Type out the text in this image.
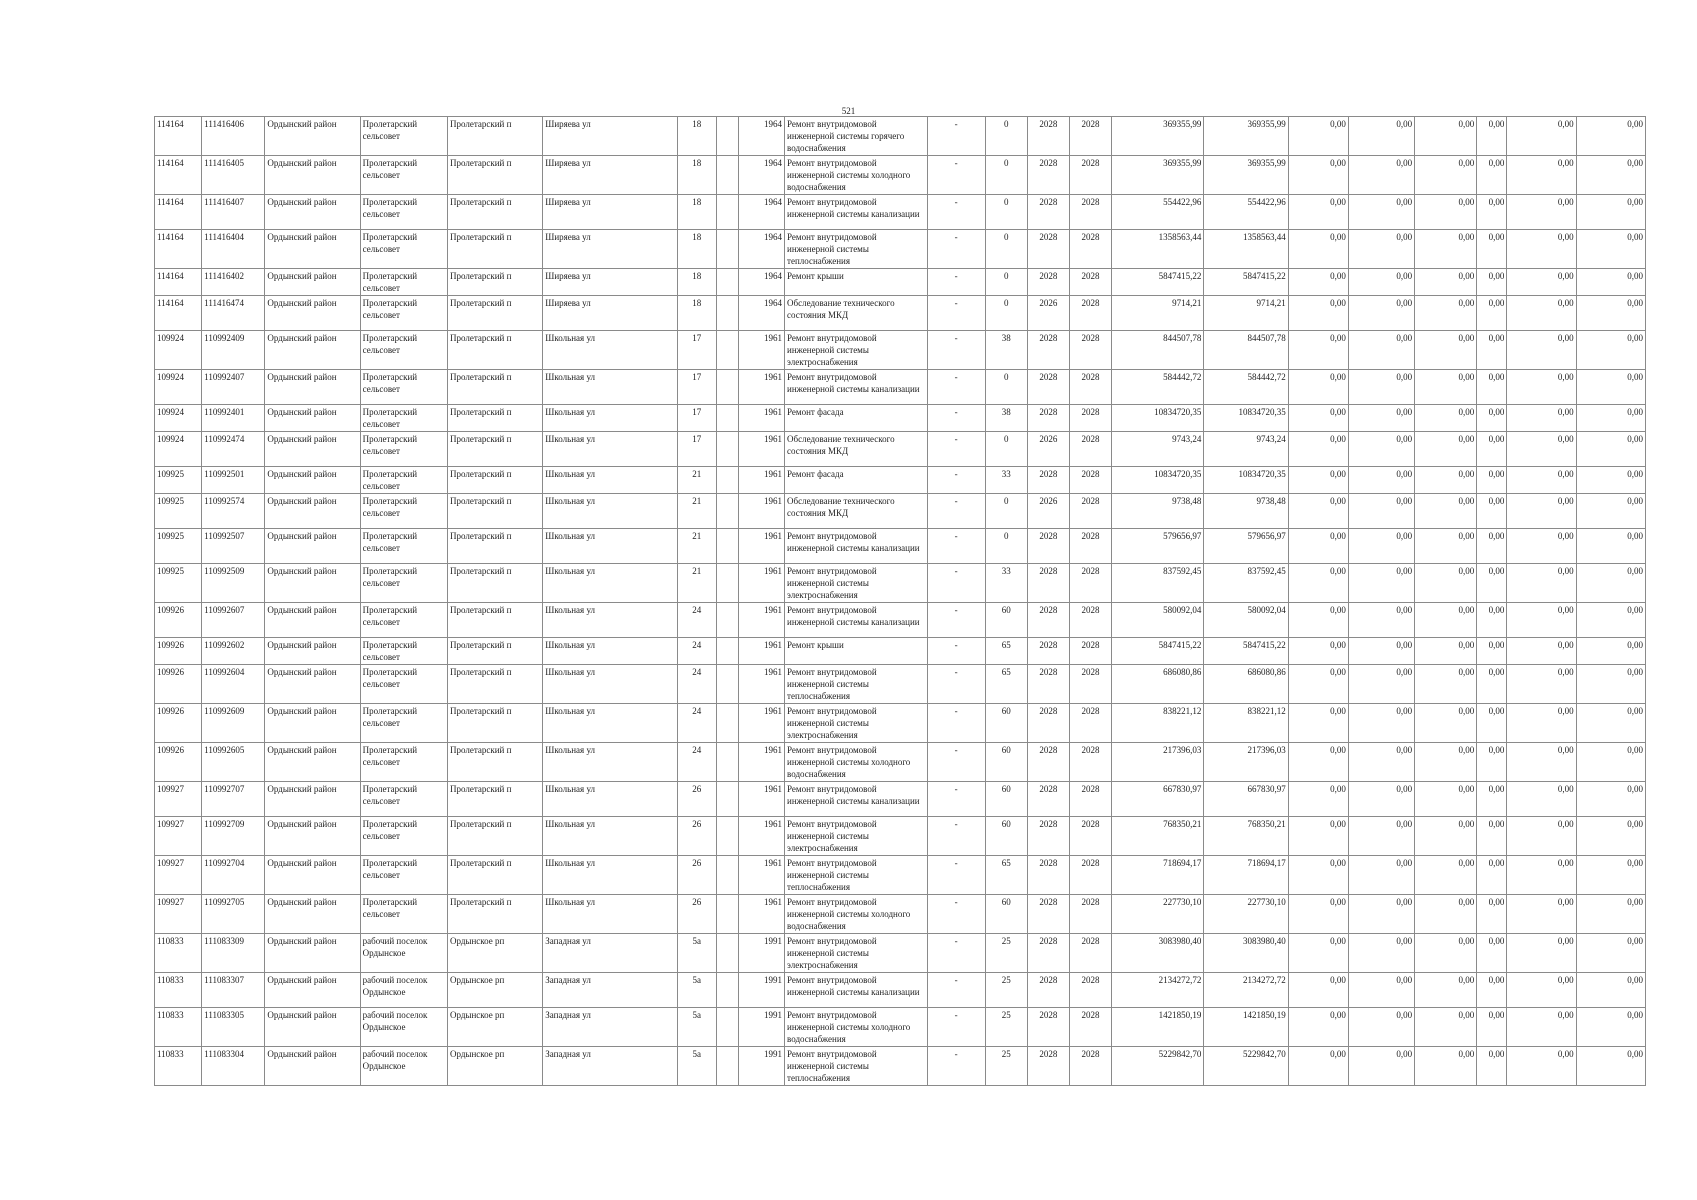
521
114164	111416406	Ордынский район	Пролетарский сельсовет	Пролетарский п	Ширяева ул	18		1964	Ремонт внутридомовой инженерной системы горячего водоснабжения	-	0	2028	2028	369355,99	369355,99	0,00	0,00	0,00	0,00	0,00	0,00
114164	111416405	Ордынский район	Пролетарский сельсовет	Пролетарский п	Ширяева ул	18		1964	Ремонт внутридомовой инженерной системы холодного водоснабжения	-	0	2028	2028	369355,99	369355,99	0,00	0,00	0,00	0,00	0,00	0,00
114164	111416407	Ордынский район	Пролетарский сельсовет	Пролетарский п	Ширяева ул	18		1964	Ремонт внутридомовой инженерной системы канализации	-	0	2028	2028	554422,96	554422,96	0,00	0,00	0,00	0,00	0,00	0,00
114164	111416404	Ордынский район	Пролетарский сельсовет	Пролетарский п	Ширяева ул	18		1964	Ремонт внутридомовой инженерной системы теплоснабжения	-	0	2028	2028	1358563,44	1358563,44	0,00	0,00	0,00	0,00	0,00	0,00
114164	111416402	Ордынский район	Пролетарский сельсовет	Пролетарский п	Ширяева ул	18		1964	Ремонт крыши	-	0	2028	2028	5847415,22	5847415,22	0,00	0,00	0,00	0,00	0,00	0,00
114164	111416474	Ордынский район	Пролетарский сельсовет	Пролетарский п	Ширяева ул	18		1964	Обследование технического состояния МКД	-	0	2026	2028	9714,21	9714,21	0,00	0,00	0,00	0,00	0,00	0,00
109924	110992409	Ордынский район	Пролетарский сельсовет	Пролетарский п	Школьная ул	17		1961	Ремонт внутридомовой инженерной системы электроснабжения	-	38	2028	2028	844507,78	844507,78	0,00	0,00	0,00	0,00	0,00	0,00
109924	110992407	Ордынский район	Пролетарский сельсовет	Пролетарский п	Школьная ул	17		1961	Ремонт внутридомовой инженерной системы канализации	-	0	2028	2028	584442,72	584442,72	0,00	0,00	0,00	0,00	0,00	0,00
109924	110992401	Ордынский район	Пролетарский сельсовет	Пролетарский п	Школьная ул	17		1961	Ремонт фасада	-	38	2028	2028	10834720,35	10834720,35	0,00	0,00	0,00	0,00	0,00	0,00
109924	110992474	Ордынский район	Пролетарский сельсовет	Пролетарский п	Школьная ул	17		1961	Обследование технического состояния МКД	-	0	2026	2028	9743,24	9743,24	0,00	0,00	0,00	0,00	0,00	0,00
109925	110992501	Ордынский район	Пролетарский сельсовет	Пролетарский п	Школьная ул	21		1961	Ремонт фасада	-	33	2028	2028	10834720,35	10834720,35	0,00	0,00	0,00	0,00	0,00	0,00
109925	110992574	Ордынский район	Пролетарский сельсовет	Пролетарский п	Школьная ул	21		1961	Обследование технического состояния МКД	-	0	2026	2028	9738,48	9738,48	0,00	0,00	0,00	0,00	0,00	0,00
109925	110992507	Ордынский район	Пролетарский сельсовет	Пролетарский п	Школьная ул	21		1961	Ремонт внутридомовой инженерной системы канализации	-	0	2028	2028	579656,97	579656,97	0,00	0,00	0,00	0,00	0,00	0,00
109925	110992509	Ордынский район	Пролетарский сельсовет	Пролетарский п	Школьная ул	21		1961	Ремонт внутридомовой инженерной системы электроснабжения	-	33	2028	2028	837592,45	837592,45	0,00	0,00	0,00	0,00	0,00	0,00
109926	110992607	Ордынский район	Пролетарский сельсовет	Пролетарский п	Школьная ул	24		1961	Ремонт внутридомовой инженерной системы канализации	-	60	2028	2028	580092,04	580092,04	0,00	0,00	0,00	0,00	0,00	0,00
109926	110992602	Ордынский район	Пролетарский сельсовет	Пролетарский п	Школьная ул	24		1961	Ремонт крыши	-	65	2028	2028	5847415,22	5847415,22	0,00	0,00	0,00	0,00	0,00	0,00
109926	110992604	Ордынский район	Пролетарский сельсовет	Пролетарский п	Школьная ул	24		1961	Ремонт внутридомовой инженерной системы теплоснабжения	-	65	2028	2028	686080,86	686080,86	0,00	0,00	0,00	0,00	0,00	0,00
109926	110992609	Ордынский район	Пролетарский сельсовет	Пролетарский п	Школьная ул	24		1961	Ремонт внутридомовой инженерной системы электроснабжения	-	60	2028	2028	838221,12	838221,12	0,00	0,00	0,00	0,00	0,00	0,00
109926	110992605	Ордынский район	Пролетарский сельсовет	Пролетарский п	Школьная ул	24		1961	Ремонт внутридомовой инженерной системы холодного водоснабжения	-	60	2028	2028	217396,03	217396,03	0,00	0,00	0,00	0,00	0,00	0,00
109927	110992707	Ордынский район	Пролетарский сельсовет	Пролетарский п	Школьная ул	26		1961	Ремонт внутридомовой инженерной системы канализации	-	60	2028	2028	667830,97	667830,97	0,00	0,00	0,00	0,00	0,00	0,00
109927	110992709	Ордынский район	Пролетарский сельсовет	Пролетарский п	Школьная ул	26		1961	Ремонт внутридомовой инженерной системы электроснабжения	-	60	2028	2028	768350,21	768350,21	0,00	0,00	0,00	0,00	0,00	0,00
109927	110992704	Ордынский район	Пролетарский сельсовет	Пролетарский п	Школьная ул	26		1961	Ремонт внутридомовой инженерной системы теплоснабжения	-	65	2028	2028	718694,17	718694,17	0,00	0,00	0,00	0,00	0,00	0,00
109927	110992705	Ордынский район	Пролетарский сельсовет	Пролетарский п	Школьная ул	26		1961	Ремонт внутридомовой инженерной системы холодного водоснабжения	-	60	2028	2028	227730,10	227730,10	0,00	0,00	0,00	0,00	0,00	0,00
110833	111083309	Ордынский район	рабочий поселок Ордынское	Ордынское рп	Западная ул	5а		1991	Ремонт внутридомовой инженерной системы электроснабжения	-	25	2028	2028	3083980,40	3083980,40	0,00	0,00	0,00	0,00	0,00	0,00
110833	111083307	Ордынский район	рабочий поселок Ордынское	Ордынское рп	Западная ул	5а		1991	Ремонт внутридомовой инженерной системы канализации	-	25	2028	2028	2134272,72	2134272,72	0,00	0,00	0,00	0,00	0,00	0,00
110833	111083305	Ордынский район	рабочий поселок Ордынское	Ордынское рп	Западная ул	5а		1991	Ремонт внутридомовой инженерной системы холодного водоснабжения	-	25	2028	2028	1421850,19	1421850,19	0,00	0,00	0,00	0,00	0,00	0,00
110833	111083304	Ордынский район	рабочий поселок Ордынское	Ордынское рп	Западная ул	5а		1991	Ремонт внутридомовой инженерной системы теплоснабжения	-	25	2028	2028	5229842,70	5229842,70	0,00	0,00	0,00	0,00	0,00	0,00
